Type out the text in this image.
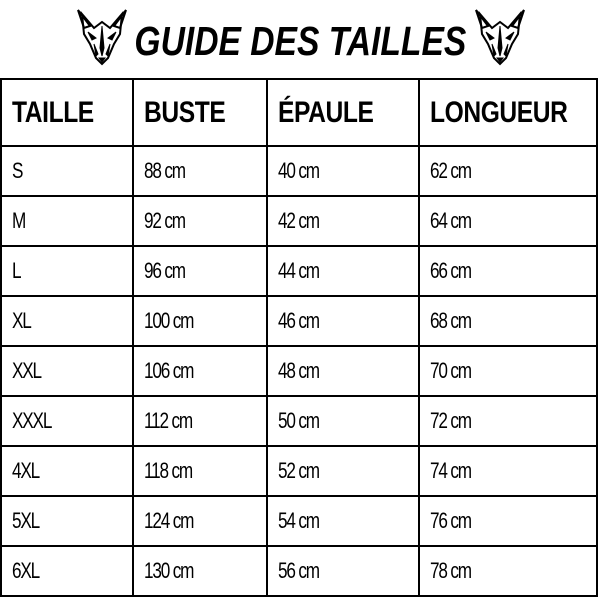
GUIDE DES TAILLES
TAILLE	BUSTE	ÉPAULE	LONGUEUR
S	88 cm	40 cm	62 cm
M	92 cm	42 cm	64 cm
L	96 cm	44 cm	66 cm
XL	100 cm	46 cm	68 cm
XXL	106 cm	48 cm	70 cm
XXXL	112 cm	50 cm	72 cm
4XL	118 cm	52 cm	74 cm
5XL	124 cm	54 cm	76 cm
6XL	130 cm	56 cm	78 cm
